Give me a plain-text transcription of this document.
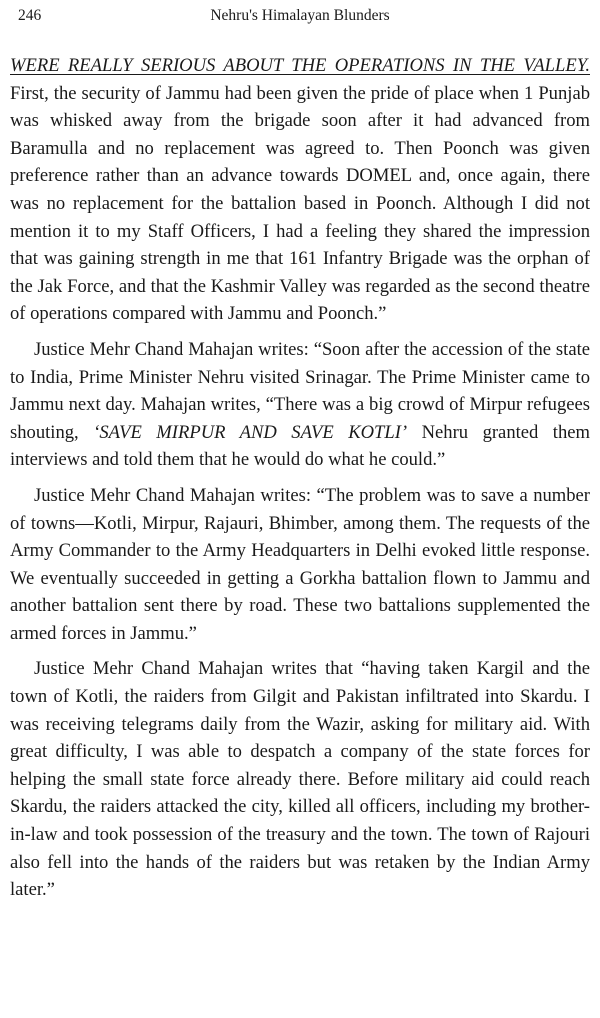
246	Nehru's Himalayan Blunders

WERE REALLY SERIOUS ABOUT THE OPERATIONS IN THE VALLEY. First, the security of Jammu had been given the pride of place when 1 Punjab was whisked away from the brigade soon after it had advanced from Baramulla and no replacement was agreed to. Then Poonch was given preference rather than an advance towards DOMEL and, once again, there was no replacement for the battalion based in Poonch. Although I did not mention it to my Staff Officers, I had a feeling they shared the impression that was gaining strength in me that 161 Infantry Brigade was the orphan of the Jak Force, and that the Kashmir Valley was regarded as the second theatre of operations compared with Jammu and Poonch.”

Justice Mehr Chand Mahajan writes: “Soon after the accession of the state to India, Prime Minister Nehru visited Srinagar. The Prime Minister came to Jammu next day. Mahajan writes, “There was a big crowd of Mirpur refugees shouting, ‘SAVE MIRPUR AND SAVE KOTLI’ Nehru granted them interviews and told them that he would do what he could.”

Justice Mehr Chand Mahajan writes: “The problem was to save a number of towns—Kotli, Mirpur, Rajauri, Bhimber, among them. The requests of the Army Commander to the Army Headquarters in Delhi evoked little response. We eventually succeeded in getting a Gorkha battalion flown to Jammu and another battalion sent there by road. These two battalions supplemented the armed forces in Jammu.”

Justice Mehr Chand Mahajan writes that “having taken Kargil and the town of Kotli, the raiders from Gilgit and Pakistan infiltrated into Skardu. I was receiving telegrams daily from the Wazir, asking for military aid. With great difficulty, I was able to despatch a company of the state forces for helping the small state force already there. Before military aid could reach Skardu, the raiders attacked the city, killed all officers, including my brother-in-law and took possession of the treasury and the town. The town of Rajouri also fell into the hands of the raiders but was retaken by the Indian Army later.”
